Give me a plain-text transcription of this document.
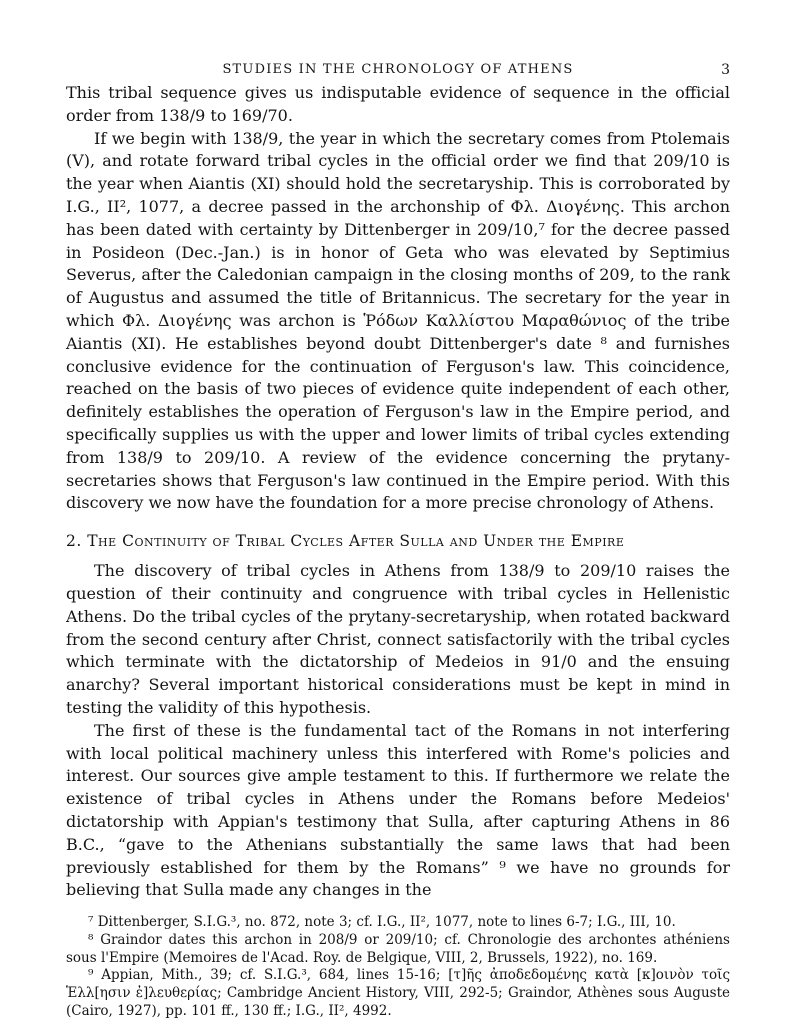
STUDIES IN THE CHRONOLOGY OF ATHENS	3

This tribal sequence gives us indisputable evidence of sequence in the official order from 138/9 to 169/70.

If we begin with 138/9, the year in which the secretary comes from Ptolemais (V), and rotate forward tribal cycles in the official order we find that 209/10 is the year when Aiantis (XI) should hold the secretaryship. This is corroborated by I.G., II², 1077, a decree passed in the archonship of Φλ. Διογένης. This archon has been dated with certainty by Dittenberger in 209/10,⁷ for the decree passed in Posideon (Dec.-Jan.) is in honor of Geta who was elevated by Septimius Severus, after the Caledonian campaign in the closing months of 209, to the rank of Augustus and assumed the title of Britannicus. The secretary for the year in which Φλ. Διογένης was archon is Ῥόδων Καλλίστου Μαραθώνιος of the tribe Aiantis (XI). He establishes beyond doubt Dittenberger's date ⁸ and furnishes conclusive evidence for the continuation of Ferguson's law. This coincidence, reached on the basis of two pieces of evidence quite independent of each other, definitely establishes the operation of Ferguson's law in the Empire period, and specifically supplies us with the upper and lower limits of tribal cycles extending from 138/9 to 209/10. A review of the evidence concerning the prytany-secretaries shows that Ferguson's law continued in the Empire period. With this discovery we now have the foundation for a more precise chronology of Athens.

2. The Continuity of Tribal Cycles After Sulla and Under the Empire

The discovery of tribal cycles in Athens from 138/9 to 209/10 raises the question of their continuity and congruence with tribal cycles in Hellenistic Athens. Do the tribal cycles of the prytany-secretaryship, when rotated backward from the second century after Christ, connect satisfactorily with the tribal cycles which terminate with the dictatorship of Medeios in 91/0 and the ensuing anarchy? Several important historical considerations must be kept in mind in testing the validity of this hypothesis.

The first of these is the fundamental tact of the Romans in not interfering with local political machinery unless this interfered with Rome's policies and interest. Our sources give ample testament to this. If furthermore we relate the existence of tribal cycles in Athens under the Romans before Medeios' dictatorship with Appian's testimony that Sulla, after capturing Athens in 86 B.C., “gave to the Athenians substantially the same laws that had been previously established for them by the Romans” ⁹ we have no grounds for believing that Sulla made any changes in the

⁷ Dittenberger, S.I.G.³, no. 872, note 3; cf. I.G., II², 1077, note to lines 6-7; I.G., III, 10.

⁸ Graindor dates this archon in 208/9 or 209/10; cf. Chronologie des archontes athéniens sous l'Empire (Memoires de l'Acad. Roy. de Belgique, VIII, 2, Brussels, 1922), no. 169.

⁹ Appian, Mith., 39; cf. S.I.G.³, 684, lines 15-16; [τ]ῆς ἀποδεδομένης κατὰ [κ]οινὸν τοῖς Ἑλλ[ησιν ἐ]λευθερίας; Cambridge Ancient History, VIII, 292-5; Graindor, Athènes sous Auguste (Cairo, 1927), pp. 101 ff., 130 ff.; I.G., II², 4992.
